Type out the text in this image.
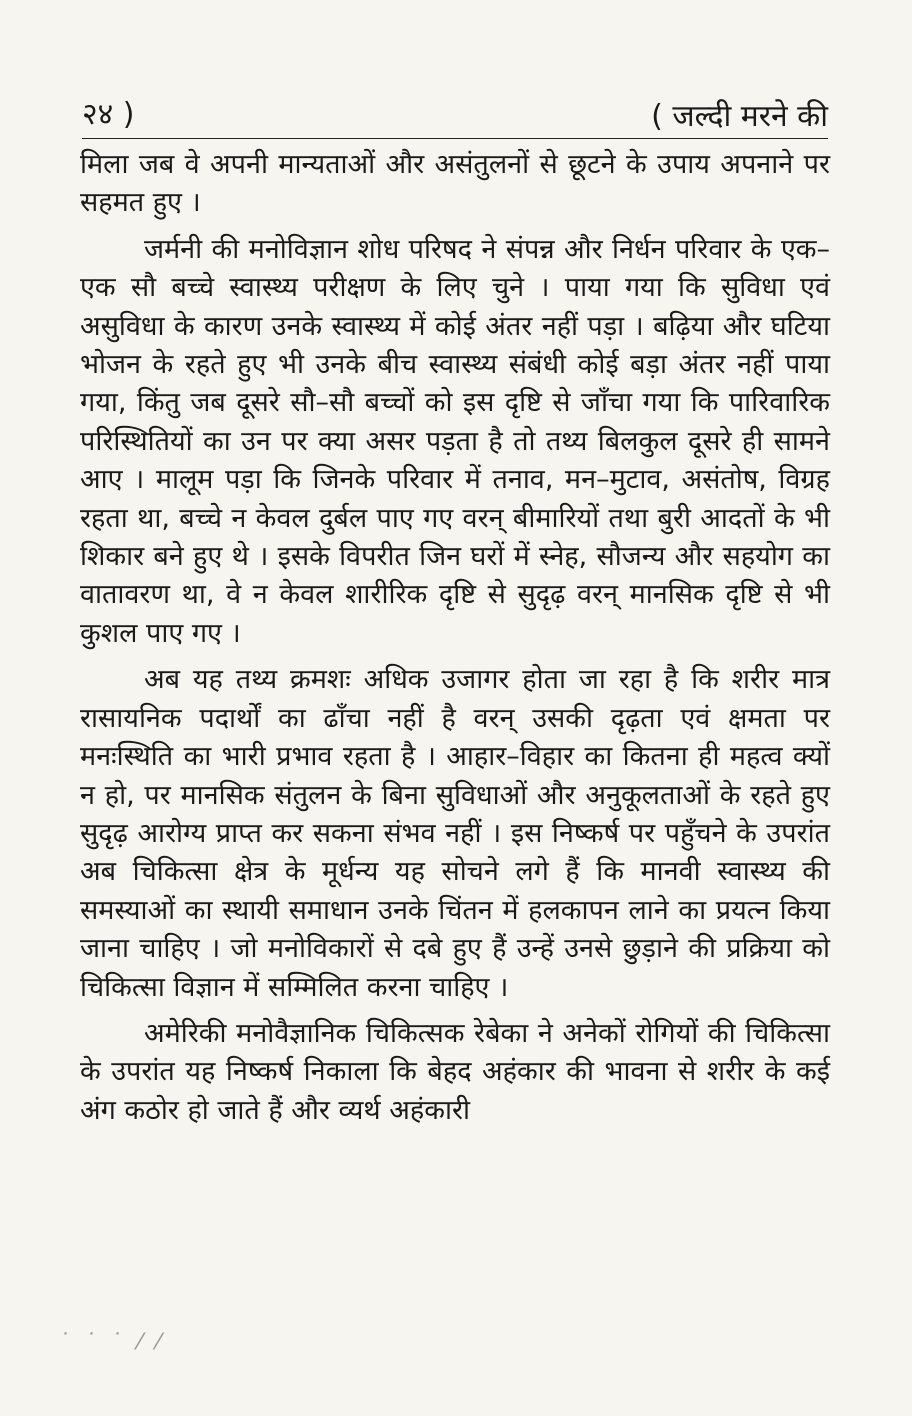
२४ )	( जल्दी मरने की

मिला जब वे अपनी मान्यताओं और असंतुलनों से छूटने के उपाय अपनाने पर सहमत हुए ।

जर्मनी की मनोविज्ञान शोध परिषद ने संपन्न और निर्धन परिवार के एक–एक सौ बच्चे स्वास्थ्य परीक्षण के लिए चुने । पाया गया कि सुविधा एवं असुविधा के कारण उनके स्वास्थ्य में कोई अंतर नहीं पड़ा । बढ़िया और घटिया भोजन के रहते हुए भी उनके बीच स्वास्थ्य संबंधी कोई बड़ा अंतर नहीं पाया गया, किंतु जब दूसरे सौ–सौ बच्चों को इस दृष्टि से जाँचा गया कि पारिवारिक परिस्थितियों का उन पर क्या असर पड़ता है तो तथ्य बिलकुल दूसरे ही सामने आए । मालूम पड़ा कि जिनके परिवार में तनाव, मन–मुटाव, असंतोष, विग्रह रहता था, बच्चे न केवल दुर्बल पाए गए वरन् बीमारियों तथा बुरी आदतों के भी शिकार बने हुए थे । इसके विपरीत जिन घरों में स्नेह, सौजन्य और सहयोग का वातावरण था, वे न केवल शारीरिक दृष्टि से सुदृढ़ वरन् मानसिक दृष्टि से भी कुशल पाए गए ।

अब यह तथ्य क्रमशः अधिक उजागर होता जा रहा है कि शरीर मात्र रासायनिक पदार्थों का ढाँचा नहीं है वरन् उसकी दृढ़ता एवं क्षमता पर मनःस्थिति का भारी प्रभाव रहता है । आहार–विहार का कितना ही महत्व क्यों न हो, पर मानसिक संतुलन के बिना सुविधाओं और अनुकूलताओं के रहते हुए सुदृढ़ आरोग्य प्राप्त कर सकना संभव नहीं । इस निष्कर्ष पर पहुँचने के उपरांत अब चिकित्सा क्षेत्र के मूर्धन्य यह सोचने लगे हैं कि मानवी स्वास्थ्य की समस्याओं का स्थायी समाधान उनके चिंतन में हलकापन लाने का प्रयत्न किया जाना चाहिए । जो मनोविकारों से दबे हुए हैं उन्हें उनसे छुड़ाने की प्रक्रिया को चिकित्सा विज्ञान में सम्मिलित करना चाहिए ।

अमेरिकी मनोवैज्ञानिक चिकित्सक रेबेका ने अनेकों रोगियों की चिकित्सा के उपरांत यह निष्कर्ष निकाला कि बेहद अहंकार की भावना से शरीर के कई अंग कठोर हो जाते हैं और व्यर्थ अहंकारी

˙ ˙ ˙ ⁄ ⁄
